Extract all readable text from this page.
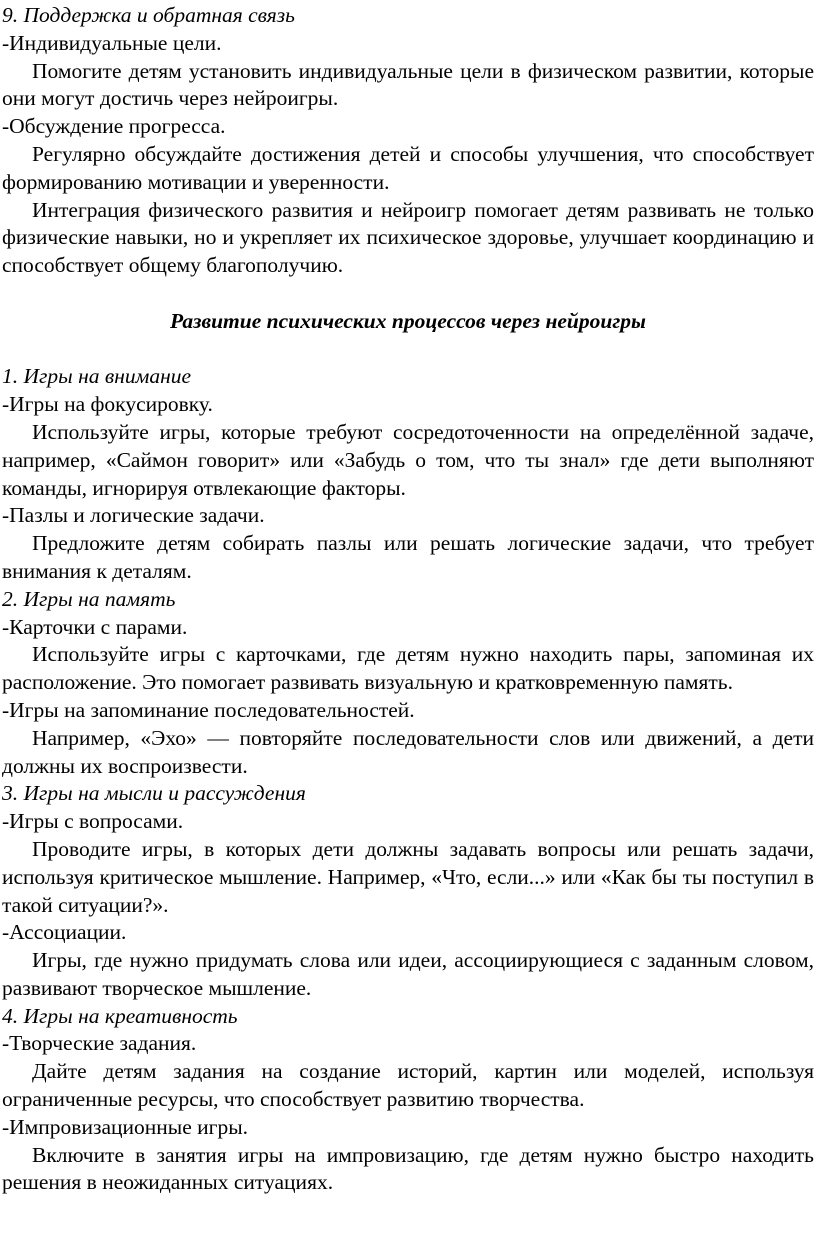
9. Поддержка и обратная связь
-Индивидуальные цели.

Помогите детям установить индивидуальные цели в физическом развитии, которые они могут достичь через нейроигры.

-Обсуждение прогресса.

Регулярно обсуждайте достижения детей и способы улучшения, что способствует формированию мотивации и уверенности.

Интеграция физического развития и нейроигр помогает детям развивать не только физические навыки, но и укрепляет их психическое здоровье, улучшает координацию и способствует общему благополучию.

Развитие психических процессов через нейроигры

1. Игры на внимание
-Игры на фокусировку.

Используйте игры, которые требуют сосредоточенности на определённой задаче, например, «Саймон говорит» или «Забудь о том, что ты знал» где дети выполняют команды, игнорируя отвлекающие факторы.

-Пазлы и логические задачи.

Предложите детям собирать пазлы или решать логические задачи, что требует внимания к деталям.

2. Игры на память
-Карточки с парами.

Используйте игры с карточками, где детям нужно находить пары, запоминая их расположение. Это помогает развивать визуальную и кратковременную память.

-Игры на запоминание последовательностей.

Например, «Эхо» — повторяйте последовательности слов или движений, а дети должны их воспроизвести.

3. Игры на мысли и рассуждения
-Игры с вопросами.

Проводите игры, в которых дети должны задавать вопросы или решать задачи, используя критическое мышление. Например, «Что, если...» или «Как бы ты поступил в такой ситуации?».

-Ассоциации.

Игры, где нужно придумать слова или идеи, ассоциирующиеся с заданным словом, развивают творческое мышление.

4. Игры на креативность
-Творческие задания.

Дайте детям задания на создание историй, картин или моделей, используя ограниченные ресурсы, что способствует развитию творчества.

-Импровизационные игры.

Включите в занятия игры на импровизацию, где детям нужно быстро находить решения в неожиданных ситуациях.
